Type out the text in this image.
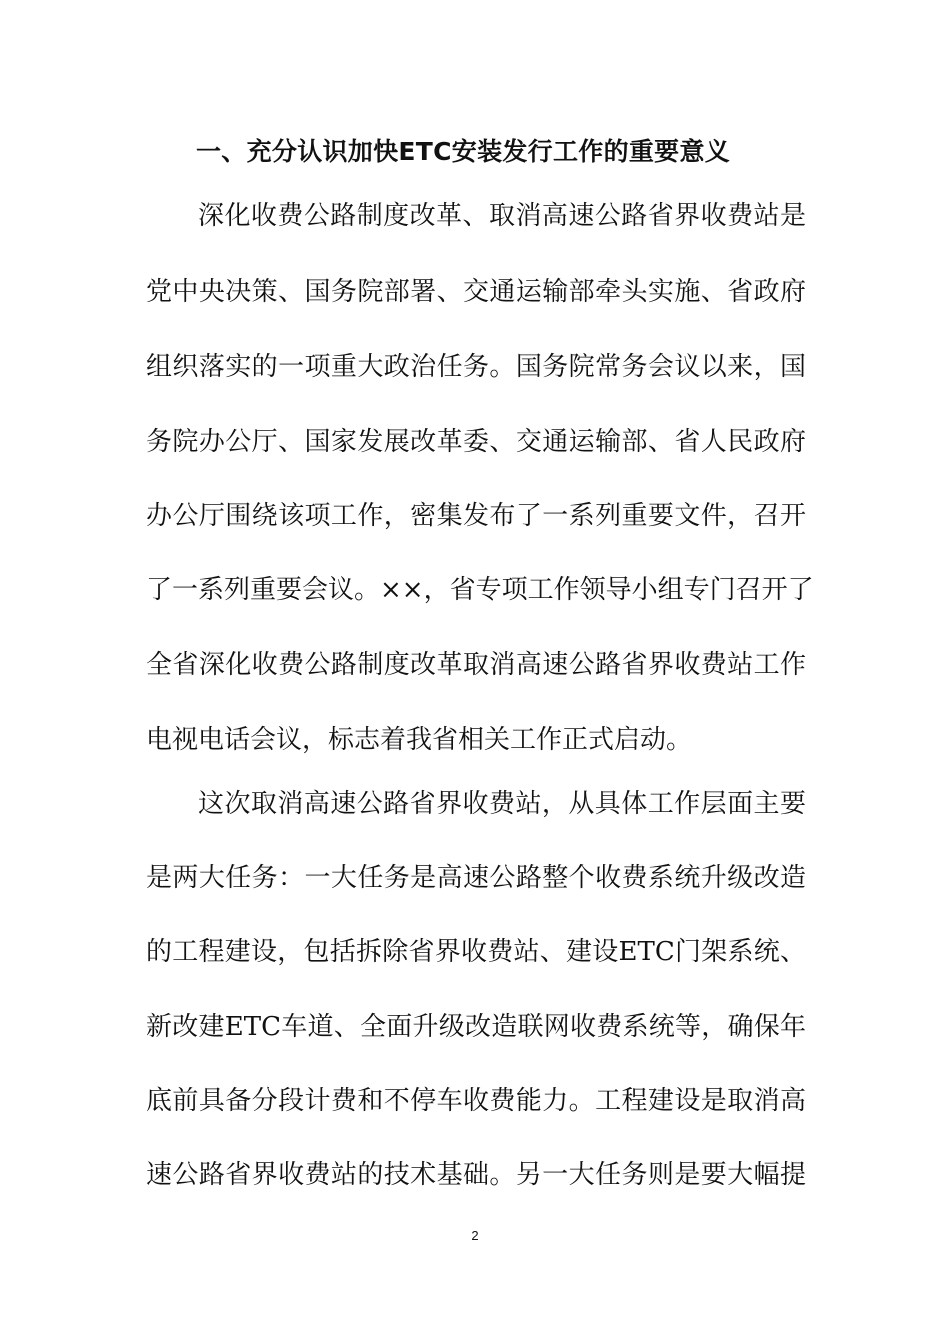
一、充分认识加快ETC安装发行工作的重要意义
深化收费公路制度改革、取消高速公路省界收费站是
党中央决策、国务院部署、交通运输部牵头实施、省政府
组织落实的一项重大政治任务。国务院常务会议以来，国
务院办公厅、国家发展改革委、交通运输部、省人民政府
办公厅围绕该项工作，密集发布了一系列重要文件，召开
了一系列重要会议。××，省专项工作领导小组专门召开了
全省深化收费公路制度改革取消高速公路省界收费站工作
电视电话会议，标志着我省相关工作正式启动。
这次取消高速公路省界收费站，从具体工作层面主要
是两大任务：一大任务是高速公路整个收费系统升级改造
的工程建设，包括拆除省界收费站、建设ETC门架系统、
新改建ETC车道、全面升级改造联网收费系统等，确保年
底前具备分段计费和不停车收费能力。工程建设是取消高
速公路省界收费站的技术基础。另一大任务则是要大幅提
2
